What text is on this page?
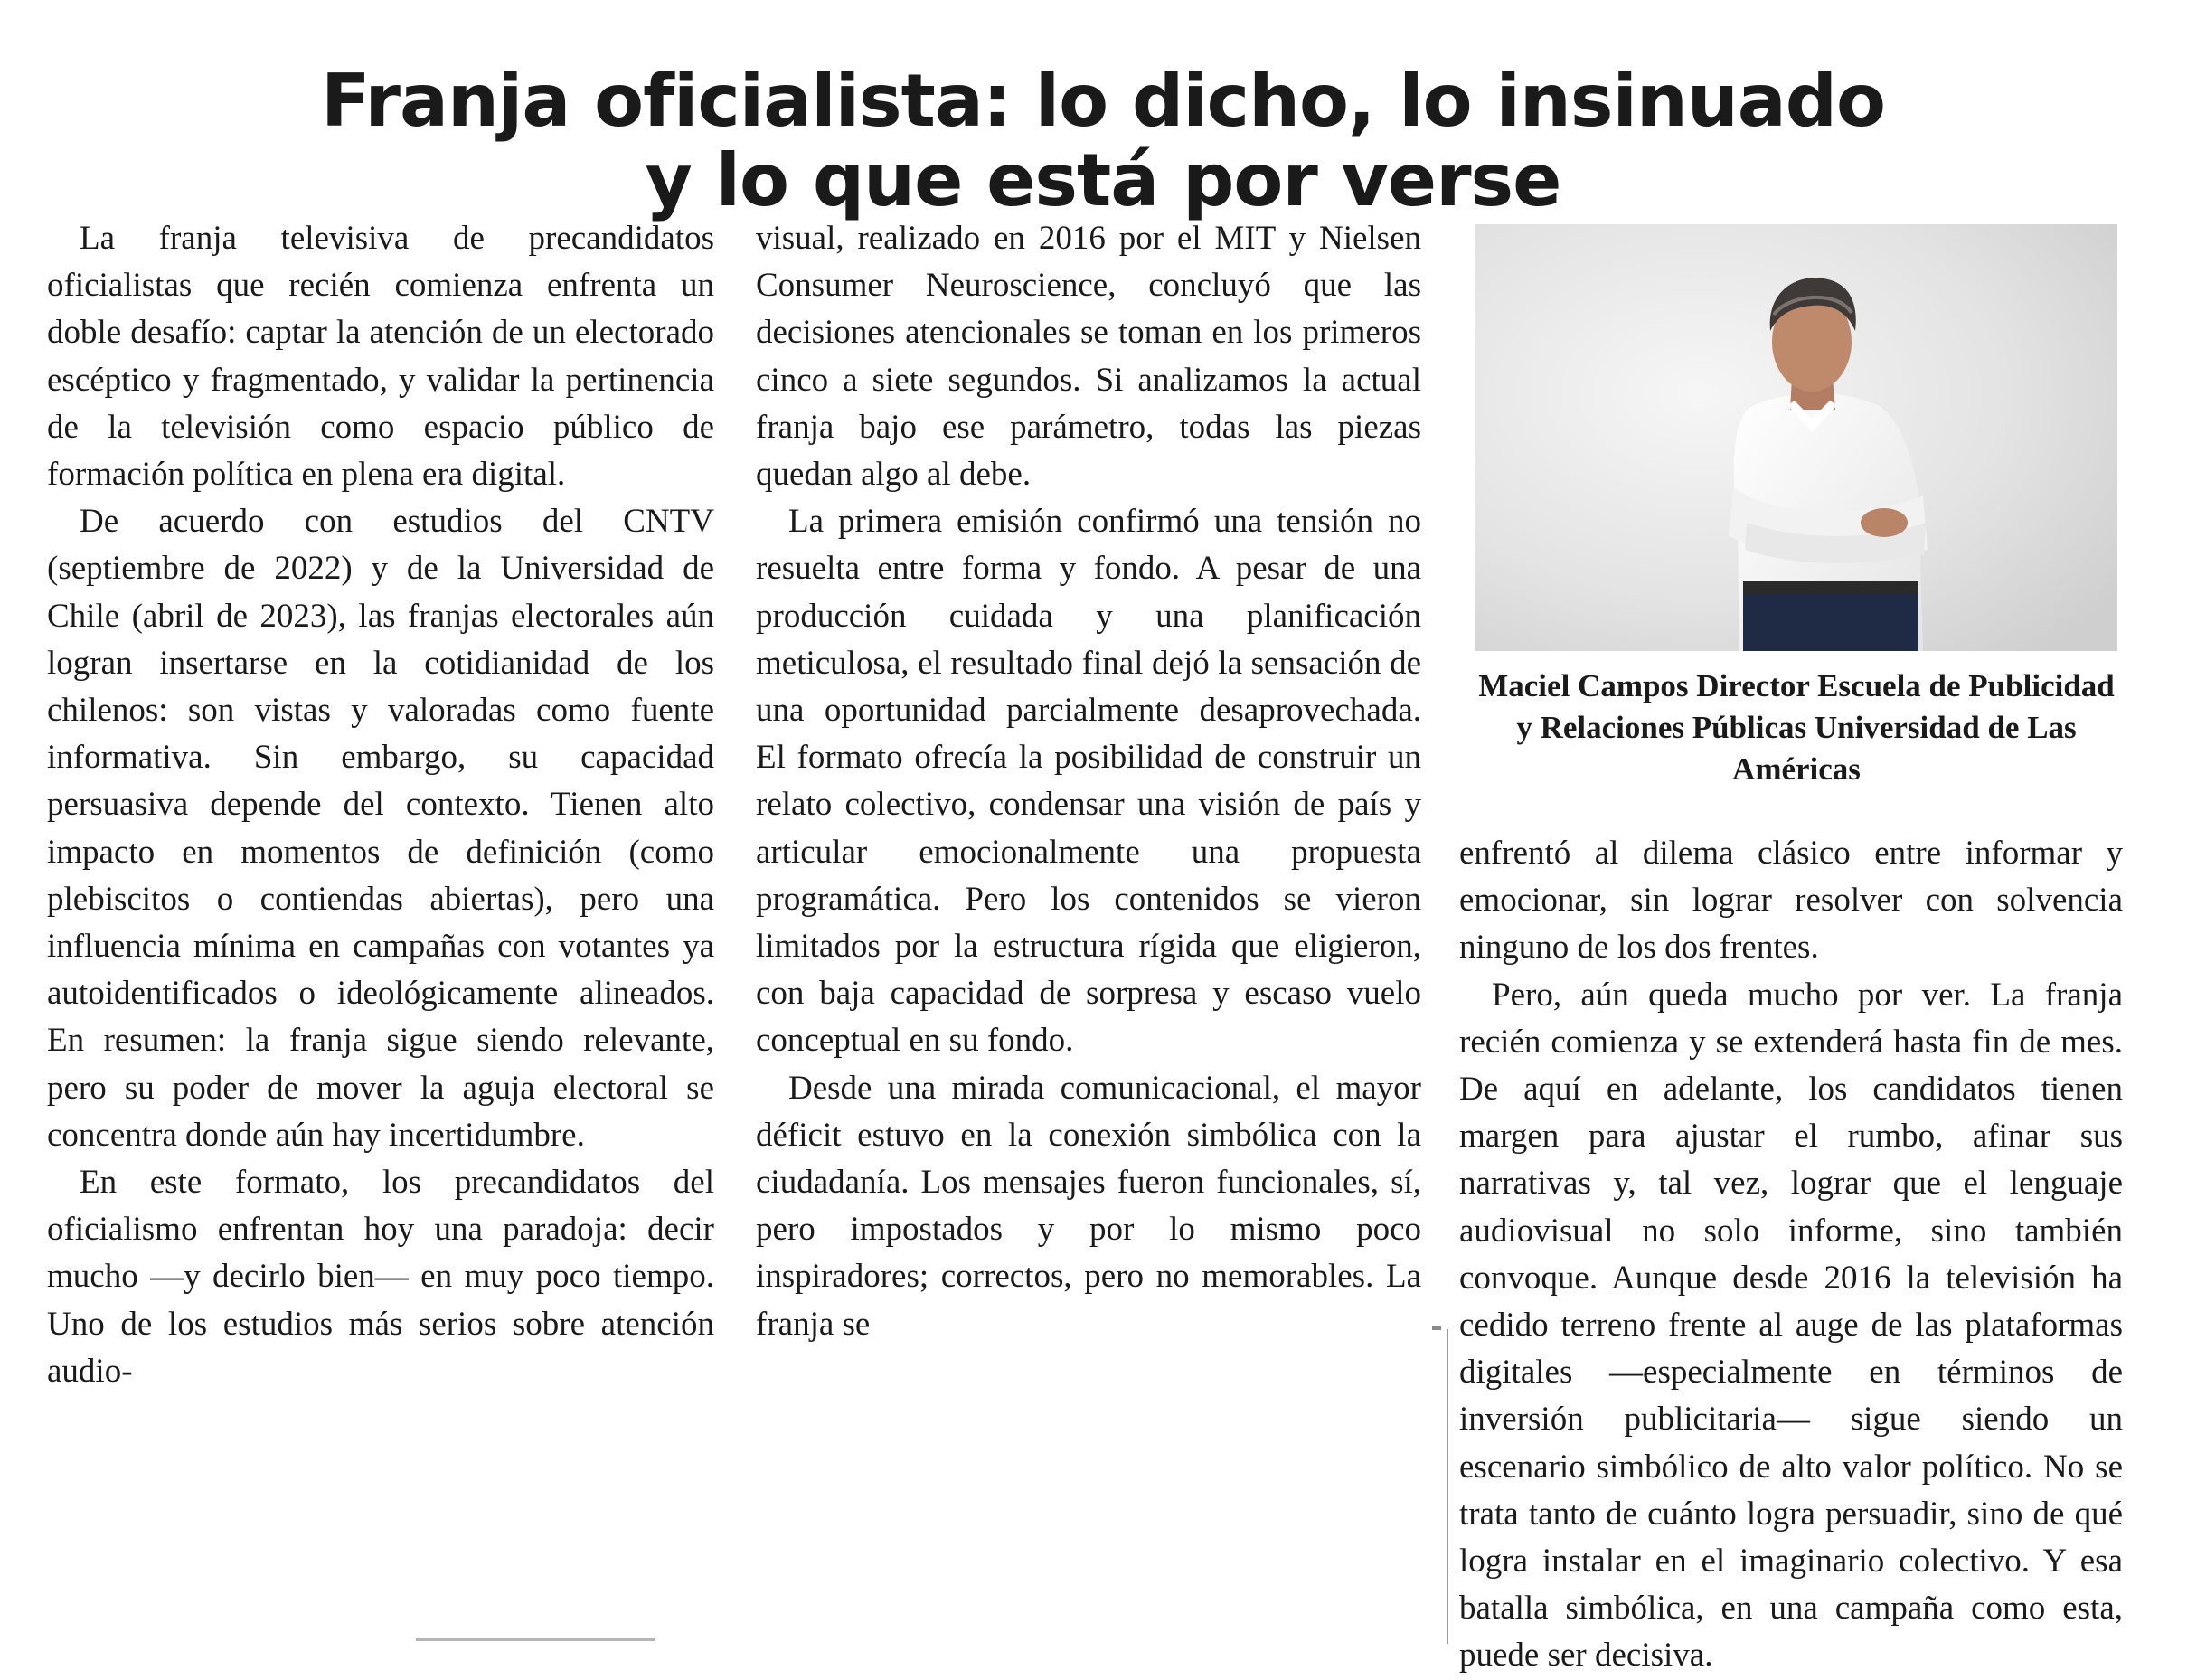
Franja oficialista: lo dicho, lo insinuado
y lo que está por verse

La franja televisiva de precandidatos oficialistas que recién comienza enfrenta un doble desafío: captar la atención de un electorado escéptico y fragmentado, y validar la pertinencia de la televisión como espacio público de formación política en plena era digital.

De acuerdo con estudios del CNTV (septiembre de 2022) y de la Universidad de Chile (abril de 2023), las franjas electorales aún logran insertarse en la cotidianidad de los chilenos: son vistas y valoradas como fuente informativa. Sin embargo, su capacidad persuasiva depende del contexto. Tienen alto impacto en momentos de definición (como plebiscitos o contiendas abiertas), pero una influencia mínima en campañas con votantes ya autoidentificados o ideológicamente alineados. En resumen: la franja sigue siendo relevante, pero su poder de mover la aguja electoral se concentra donde aún hay incertidumbre.

En este formato, los precandidatos del oficialismo enfrentan hoy una paradoja: decir mucho —y decirlo bien— en muy poco tiempo. Uno de los estudios más serios sobre atención audio-

visual, realizado en 2016 por el MIT y Nielsen Consumer Neuroscience, concluyó que las decisiones atencionales se toman en los primeros cinco a siete segundos. Si analizamos la actual franja bajo ese parámetro, todas las piezas quedan algo al debe.

La primera emisión confirmó una tensión no resuelta entre forma y fondo. A pesar de una producción cuidada y una planificación meticulosa, el resultado final dejó la sensación de una oportunidad parcialmente desaprovechada. El formato ofrecía la posibilidad de construir un relato colectivo, condensar una visión de país y articular emocionalmente una propuesta programática. Pero los contenidos se vieron limitados por la estructura rígida que eligieron, con baja capacidad de sorpresa y escaso vuelo conceptual en su fondo.

Desde una mirada comunicacional, el mayor déficit estuvo en la conexión simbólica con la ciudadanía. Los mensajes fueron funcionales, sí, pero impostados y por lo mismo poco inspiradores; correctos, pero no memorables. La franja se

Maciel Campos Director Escuela de Publicidad y Relaciones Públicas Universidad de Las Américas

enfrentó al dilema clásico entre informar y emocionar, sin lograr resolver con solvencia ninguno de los dos frentes.

Pero, aún queda mucho por ver. La franja recién comienza y se extenderá hasta fin de mes. De aquí en adelante, los candidatos tienen margen para ajustar el rumbo, afinar sus narrativas y, tal vez, lograr que el lenguaje audiovisual no solo informe, sino también convoque. Aunque desde 2016 la televisión ha cedido terreno frente al auge de las plataformas digitales —especialmente en términos de inversión publicitaria— sigue siendo un escenario simbólico de alto valor político. No se trata tanto de cuánto logra persuadir, sino de qué logra instalar en el imaginario colectivo. Y esa batalla simbólica, en una campaña como esta, puede ser decisiva.
